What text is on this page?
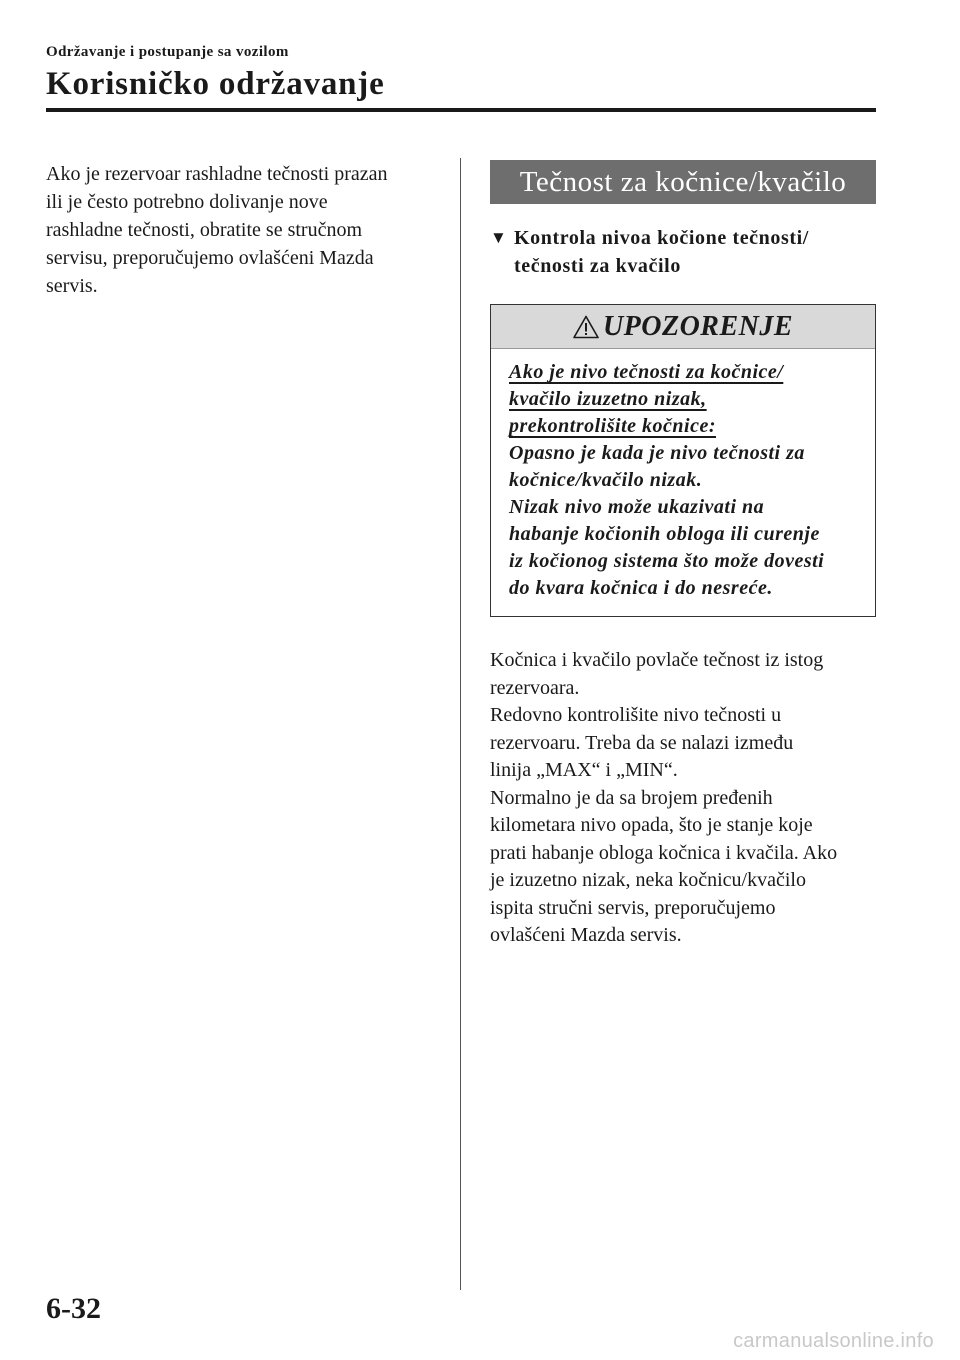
Održavanje i postupanje sa vozilom
Korisničko održavanje

Ako je rezervoar rashladne tečnosti prazan

ili je često potrebno dolivanje nove

rashladne tečnosti, obratite se stručnom

servisu, preporučujemo ovlašćeni Mazda

servis.

Tečnost za kočnice/kvačilo
▼ Kontrola nivoa kočione tečnosti/
tečnosti za kvačilo
UPOZORENJE
Ako je nivo tečnosti za kočnice/
kvačilo izuzetno nizak,
prekontrolišite kočnice:
Opasno je kada je nivo tečnosti za
kočnice/kvačilo nizak.
Nizak nivo može ukazivati na
habanje kočionih obloga ili curenje
iz kočionog sistema što može dovesti
do kvara kočnica i do nesreće.

Kočnica i kvačilo povlače tečnost iz istog

rezervoara.

Redovno kontrolišite nivo tečnosti u

rezervoaru. Treba da se nalazi između

linija „MAX“ i „MIN“.

Normalno je da sa brojem pređenih

kilometara nivo opada, što je stanje koje

prati habanje obloga kočnica i kvačila. Ako

je izuzetno nizak, neka kočnicu/kvačilo

ispita stručni servis, preporučujemo

ovlašćeni Mazda servis.

6-32
carmanualsonline.info
